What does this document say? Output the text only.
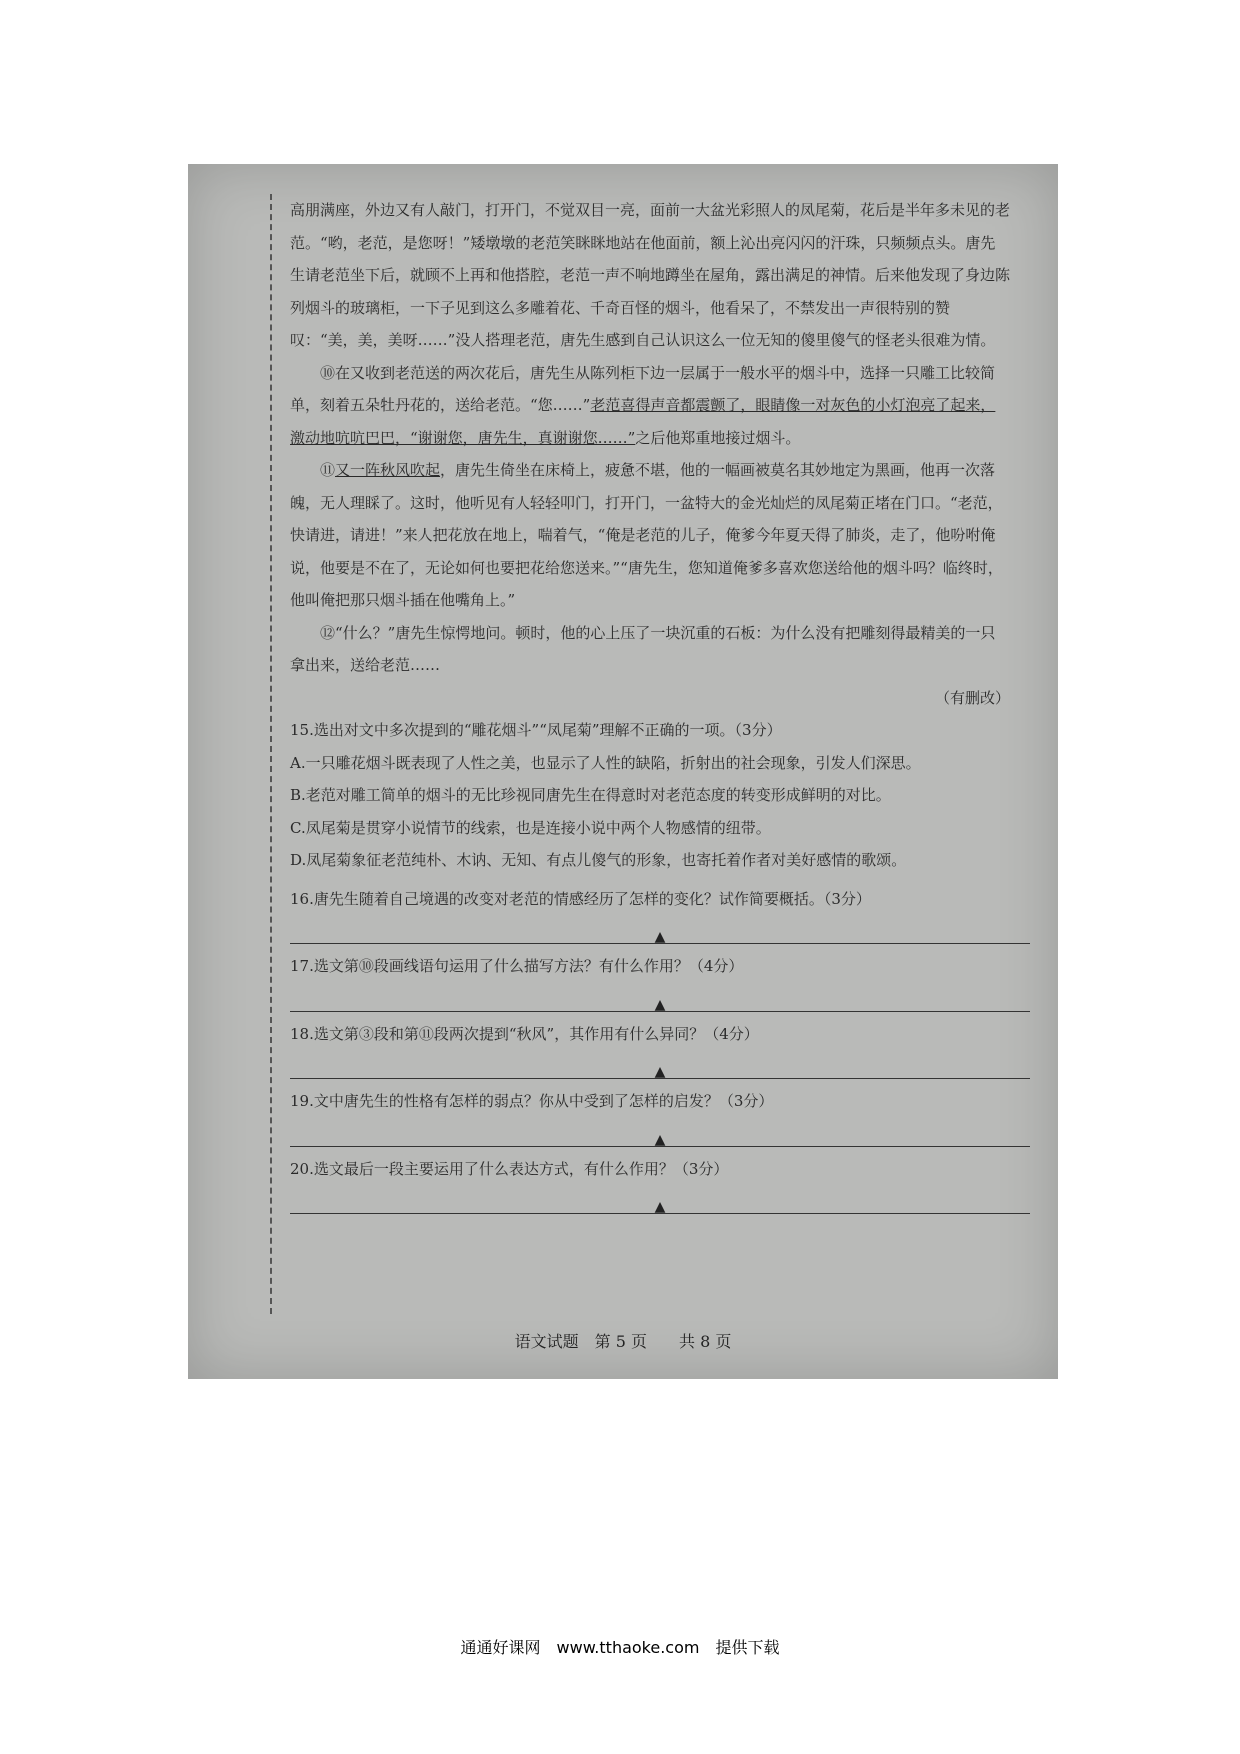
高朋满座，外边又有人敲门，打开门，不觉双目一亮，面前一大盆光彩照人的凤尾菊，花后是半年多未见的老范。“哟，老范，是您呀！”矮墩墩的老范笑眯眯地站在他面前，额上沁出亮闪闪的汗珠，只频频点头。唐先生请老范坐下后，就顾不上再和他搭腔，老范一声不响地蹲坐在屋角，露出满足的神情。后来他发现了身边陈列烟斗的玻璃柜，一下子见到这么多雕着花、千奇百怪的烟斗，他看呆了，不禁发出一声很特别的赞叹：“美，美，美呀……”没人搭理老范，唐先生感到自己认识这么一位无知的傻里傻气的怪老头很难为情。

⑩在又收到老范送的两次花后，唐先生从陈列柜下边一层属于一般水平的烟斗中，选择一只雕工比较简单，刻着五朵牡丹花的，送给老范。“您……”老范喜得声音都震颤了，眼睛像一对灰色的小灯泡亮了起来，激动地吭吭巴巴，“谢谢您，唐先生，真谢谢您……”之后他郑重地接过烟斗。

⑪又一阵秋风吹起，唐先生倚坐在床椅上，疲惫不堪，他的一幅画被莫名其妙地定为黑画，他再一次落魄，无人理睬了。这时，他听见有人轻轻叩门，打开门，一盆特大的金光灿烂的凤尾菊正堵在门口。“老范，快请进，请进！”来人把花放在地上，喘着气，“俺是老范的儿子，俺爹今年夏天得了肺炎，走了，他吩咐俺说，他要是不在了，无论如何也要把花给您送来。”“唐先生，您知道俺爹多喜欢您送给他的烟斗吗？临终时，他叫俺把那只烟斗插在他嘴角上。”

⑫“什么？”唐先生惊愕地问。顿时，他的心上压了一块沉重的石板：为什么没有把雕刻得最精美的一只拿出来，送给老范……

（有删改）

15.选出对文中多次提到的“雕花烟斗”“凤尾菊”理解不正确的一项。（3分）

A.一只雕花烟斗既表现了人性之美，也显示了人性的缺陷，折射出的社会现象，引发人们深思。

B.老范对雕工简单的烟斗的无比珍视同唐先生在得意时对老范态度的转变形成鲜明的对比。

C.凤尾菊是贯穿小说情节的线索，也是连接小说中两个人物感情的纽带。

D.凤尾菊象征老范纯朴、木讷、无知、有点儿傻气的形象，也寄托着作者对美好感情的歌颂。

16.唐先生随着自己境遇的改变对老范的情感经历了怎样的变化？试作简要概括。（3分）

▲

17.选文第⑩段画线语句运用了什么描写方法？有什么作用？（4分）

▲

18.选文第③段和第⑪段两次提到“秋风”，其作用有什么异同？（4分）

▲

19.文中唐先生的性格有怎样的弱点？你从中受到了怎样的启发？（3分）

▲

20.选文最后一段主要运用了什么表达方式，有什么作用？（3分）

▲
语文试题　第 5 页　　共 8 页
通通好课网　www.tthaoke.com　提供下载
